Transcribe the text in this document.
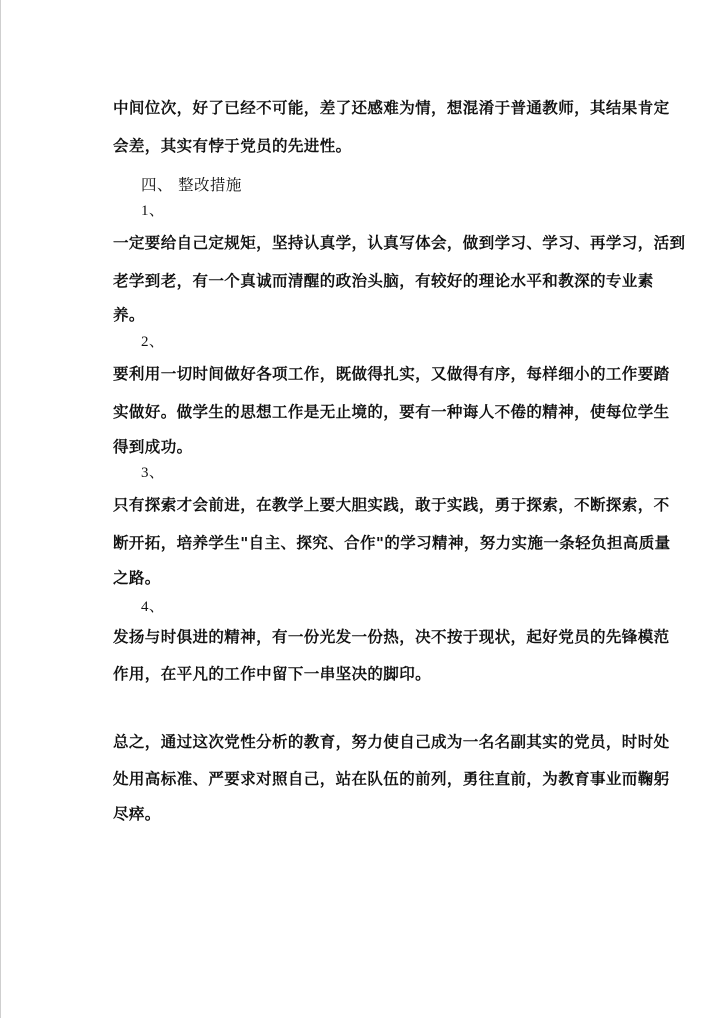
中间位次，好了已经不可能，差了还感难为情，想混淆于普通教师，其结果肯定
会差，其实有悖于党员的先进性。
四、 整改措施
1、
一定要给自己定规矩，坚持认真学，认真写体会，做到学习、学习、再学习，活到
老学到老，有一个真诚而清醒的政治头脑，有较好的理论水平和教深的专业素
养。
2、
要利用一切时间做好各项工作，既做得扎实，又做得有序，每样细小的工作要踏
实做好。做学生的思想工作是无止境的，要有一种诲人不倦的精神，使每位学生
得到成功。
3、
只有探索才会前进，在教学上要大胆实践，敢于实践，勇于探索，不断探索，不
断开拓，培养学生"自主、探究、合作"的学习精神，努力实施一条轻负担高质量
之路。
4、
发扬与时俱进的精神，有一份光发一份热，决不按于现状，起好党员的先锋模范
作用，在平凡的工作中留下一串坚决的脚印。
总之，通过这次党性分析的教育，努力使自己成为一名名副其实的党员，时时处
处用高标准、严要求对照自己，站在队伍的前列，勇往直前，为教育事业而鞠躬
尽瘁。
